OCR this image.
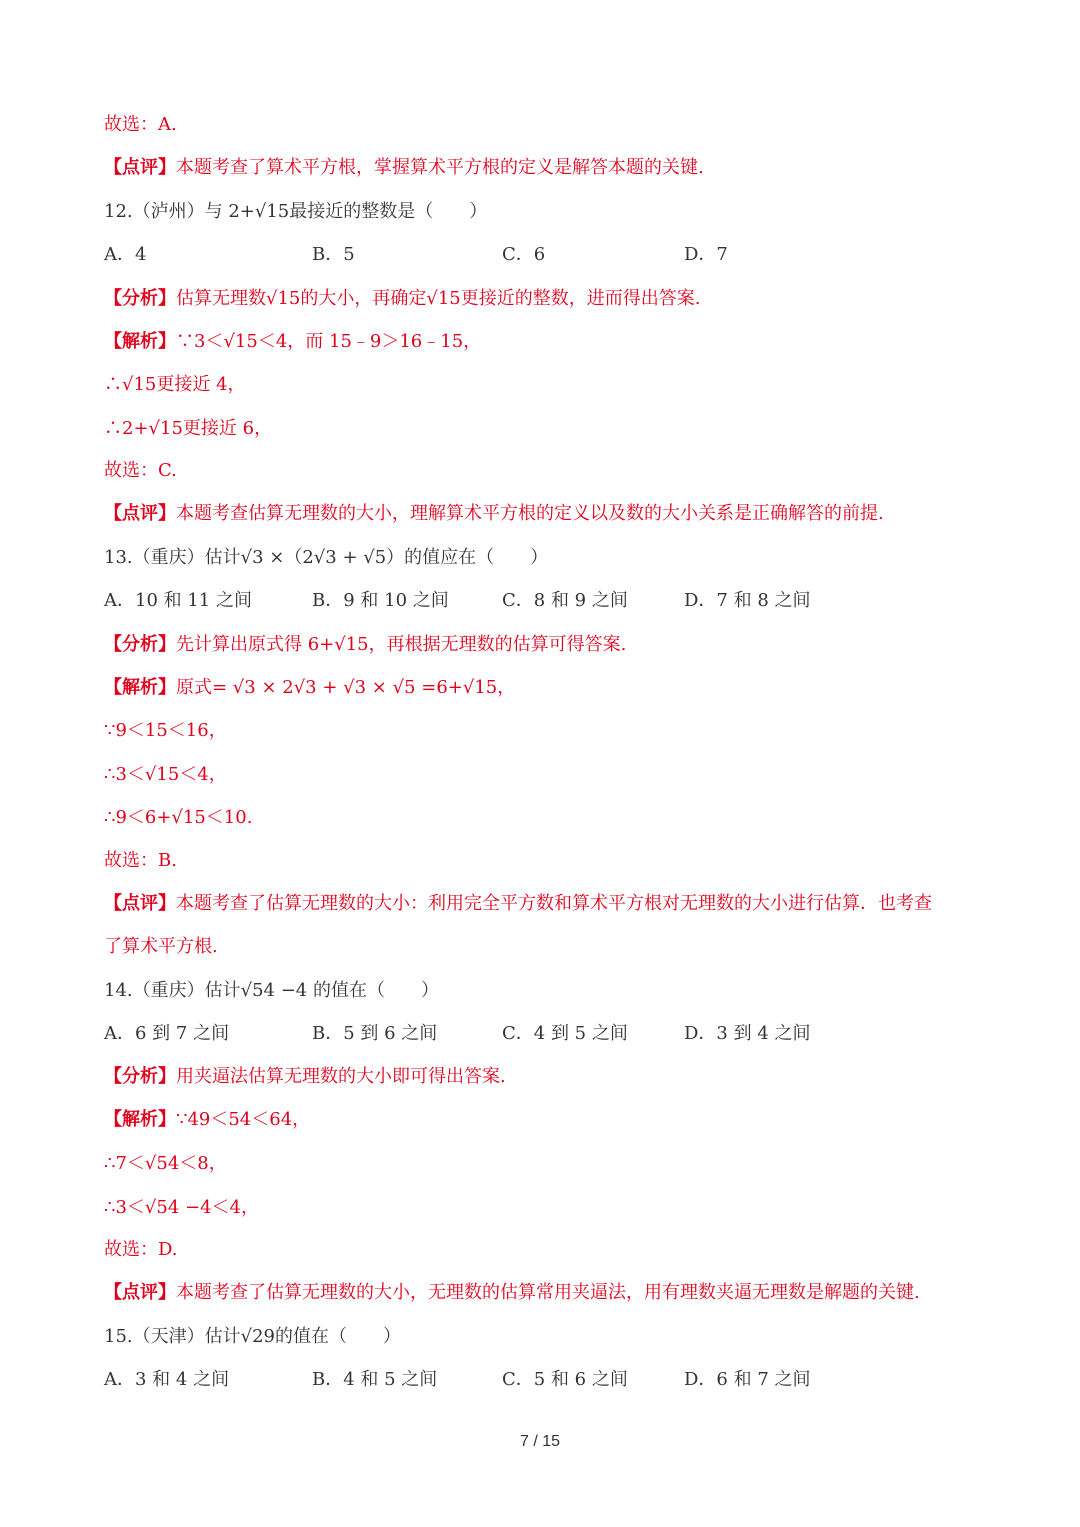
故选：A.
【点评】本题考查了算术平方根，掌握算术平方根的定义是解答本题的关键.
12.（泸州）与 2+√15最接近的整数是（　　）
A．4	B．5	C．6	D．7
【分析】估算无理数√15的大小，再确定√15更接近的整数，进而得出答案.
【解析】∵3＜√15＜4，而 15﹣9＞16﹣15，
∴√15更接近 4，
∴2+√15更接近 6，
故选：C.
【点评】本题考查估算无理数的大小，理解算术平方根的定义以及数的大小关系是正确解答的前提.
13.（重庆）估计√3 ×（2√3 + √5）的值应在（　　）
A．10 和 11 之间	B．9 和 10 之间	C．8 和 9 之间	D．7 和 8 之间
【分析】先计算出原式得 6+√15，再根据无理数的估算可得答案.
【解析】原式= √3 × 2√3 + √3 × √5 =6+√15，
∵9＜15＜16，
∴3＜√15＜4，
∴9＜6+√15＜10.
故选：B.
【点评】本题考查了估算无理数的大小：利用完全平方数和算术平方根对无理数的大小进行估算．也考查
了算术平方根.
14.（重庆）估计√54 −4 的值在（　　）
A．6 到 7 之间	B．5 到 6 之间	C．4 到 5 之间	D．3 到 4 之间
【分析】用夹逼法估算无理数的大小即可得出答案.
【解析】∵49＜54＜64，
∴7＜√54＜8，
∴3＜√54 −4＜4，
故选：D.
【点评】本题考查了估算无理数的大小，无理数的估算常用夹逼法，用有理数夹逼无理数是解题的关键.
15.（天津）估计√29的值在（　　）
A．3 和 4 之间	B．4 和 5 之间	C．5 和 6 之间	D．6 和 7 之间
7 / 15
